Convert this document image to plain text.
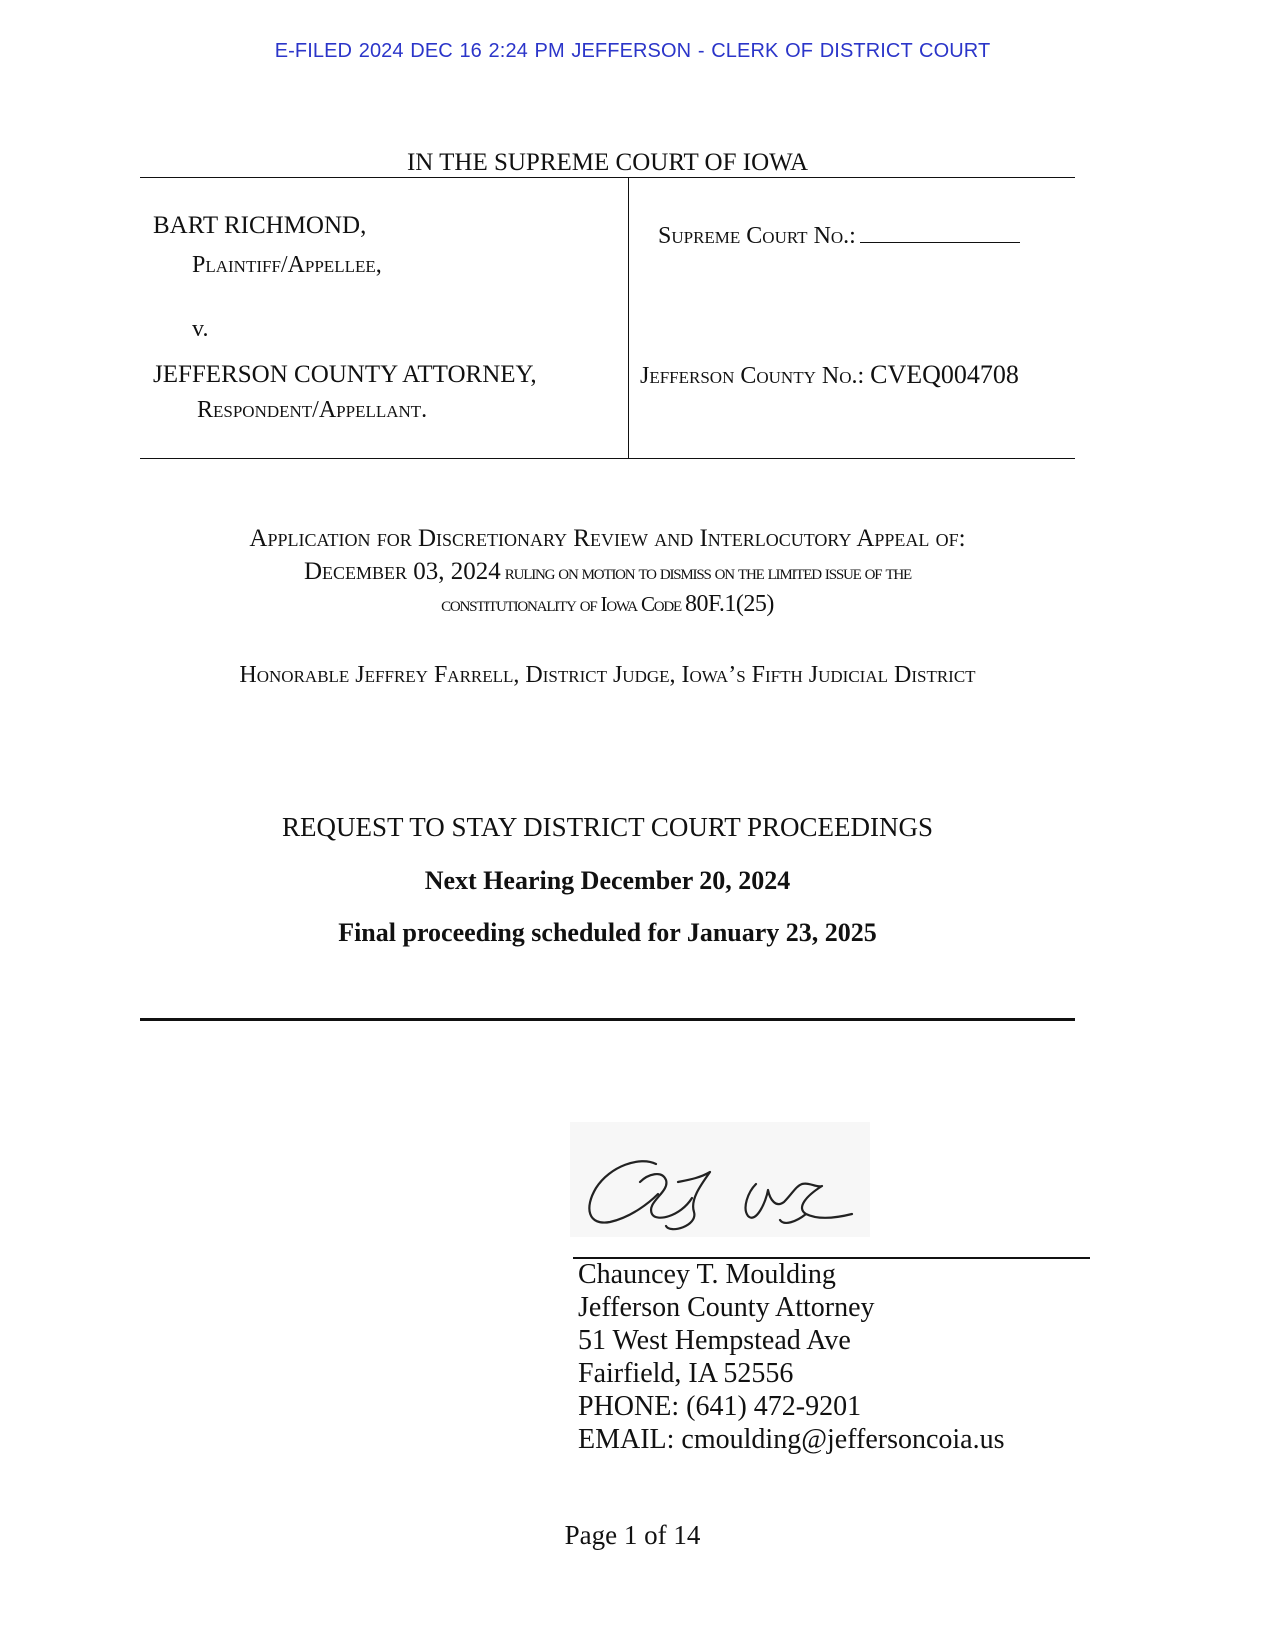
E-FILED 2024 DEC 16 2:24 PM JEFFERSON - CLERK OF DISTRICT COURT
IN THE SUPREME COURT OF IOWA
BART RICHMOND,
Plaintiff/Appellee,
v.
JEFFERSON COUNTY ATTORNEY,
Respondent/Appellant.
Supreme Court No.:
Jefferson County No.: CVEQ004708
Application for Discretionary Review and Interlocutory Appeal of:
December 03, 2024 ruling on motion to dismiss on the limited issue of the
constitutionality of Iowa Code 80F.1(25)
Honorable Jeffrey Farrell, District Judge, Iowa’s Fifth Judicial District
REQUEST TO STAY DISTRICT COURT PROCEEDINGS
Next Hearing December 20, 2024
Final proceeding scheduled for January 23, 2025
Chauncey T. Moulding
Jefferson County Attorney
51 West Hempstead Ave
Fairfield, IA 52556
PHONE: (641) 472-9201
EMAIL: cmoulding@jeffersoncoia.us
Page 1 of 14
